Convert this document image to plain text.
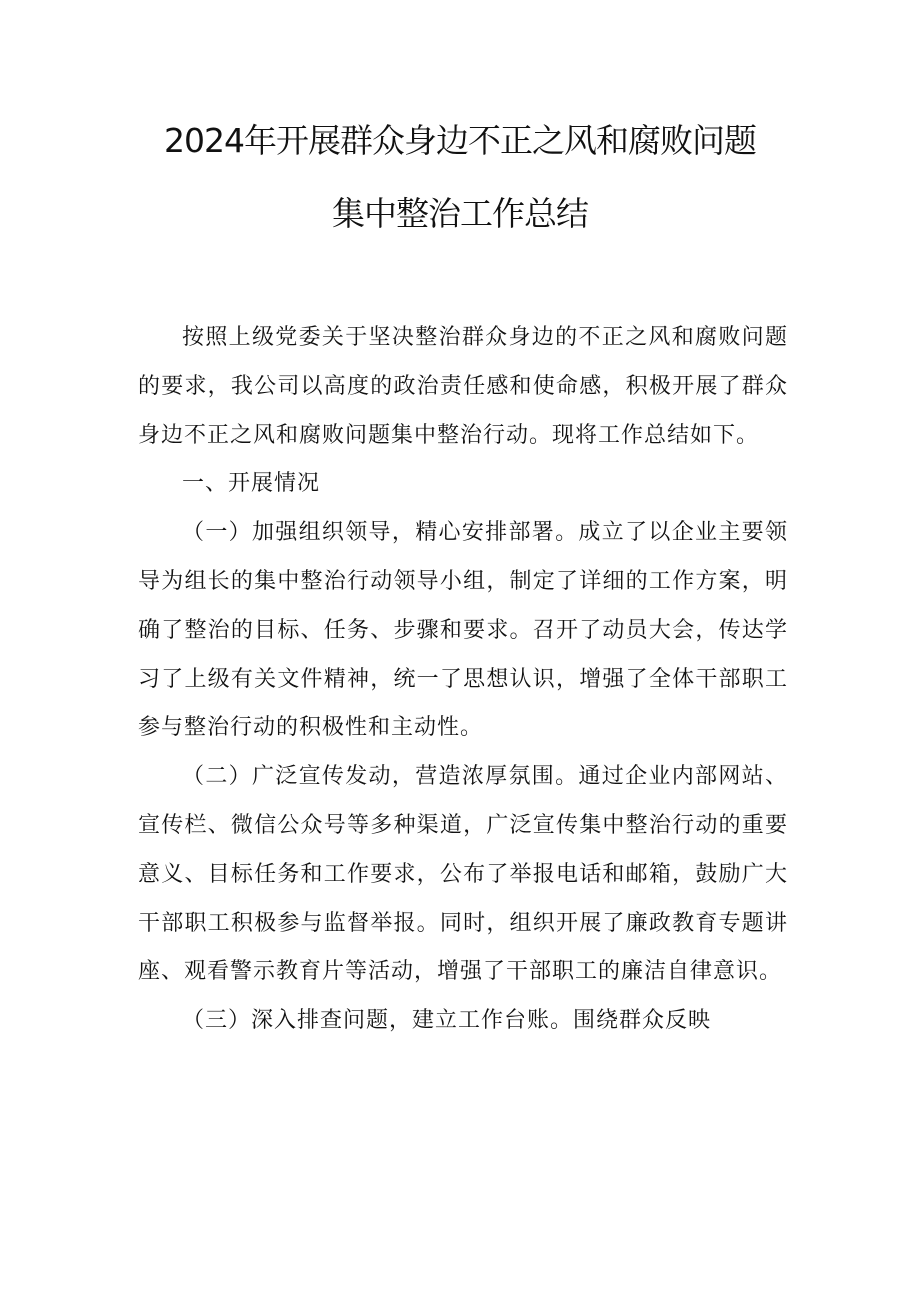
2024年开展群众身边不正之风和腐败问题
集中整治工作总结

按照上级党委关于坚决整治群众身边的不正之风和腐败问题的要求，我公司以高度的政治责任感和使命感，积极开展了群众身边不正之风和腐败问题集中整治行动。现将工作总结如下。

一、开展情况

（一）加强组织领导，精心安排部署。成立了以企业主要领导为组长的集中整治行动领导小组，制定了详细的工作方案，明确了整治的目标、任务、步骤和要求。召开了动员大会，传达学习了上级有关文件精神，统一了思想认识，增强了全体干部职工参与整治行动的积极性和主动性。

（二）广泛宣传发动，营造浓厚氛围。通过企业内部网站、宣传栏、微信公众号等多种渠道，广泛宣传集中整治行动的重要意义、目标任务和工作要求，公布了举报电话和邮箱，鼓励广大干部职工积极参与监督举报。同时，组织开展了廉政教育专题讲座、观看警示教育片等活动，增强了干部职工的廉洁自律意识。

（三）深入排查问题，建立工作台账。围绕群众反映
